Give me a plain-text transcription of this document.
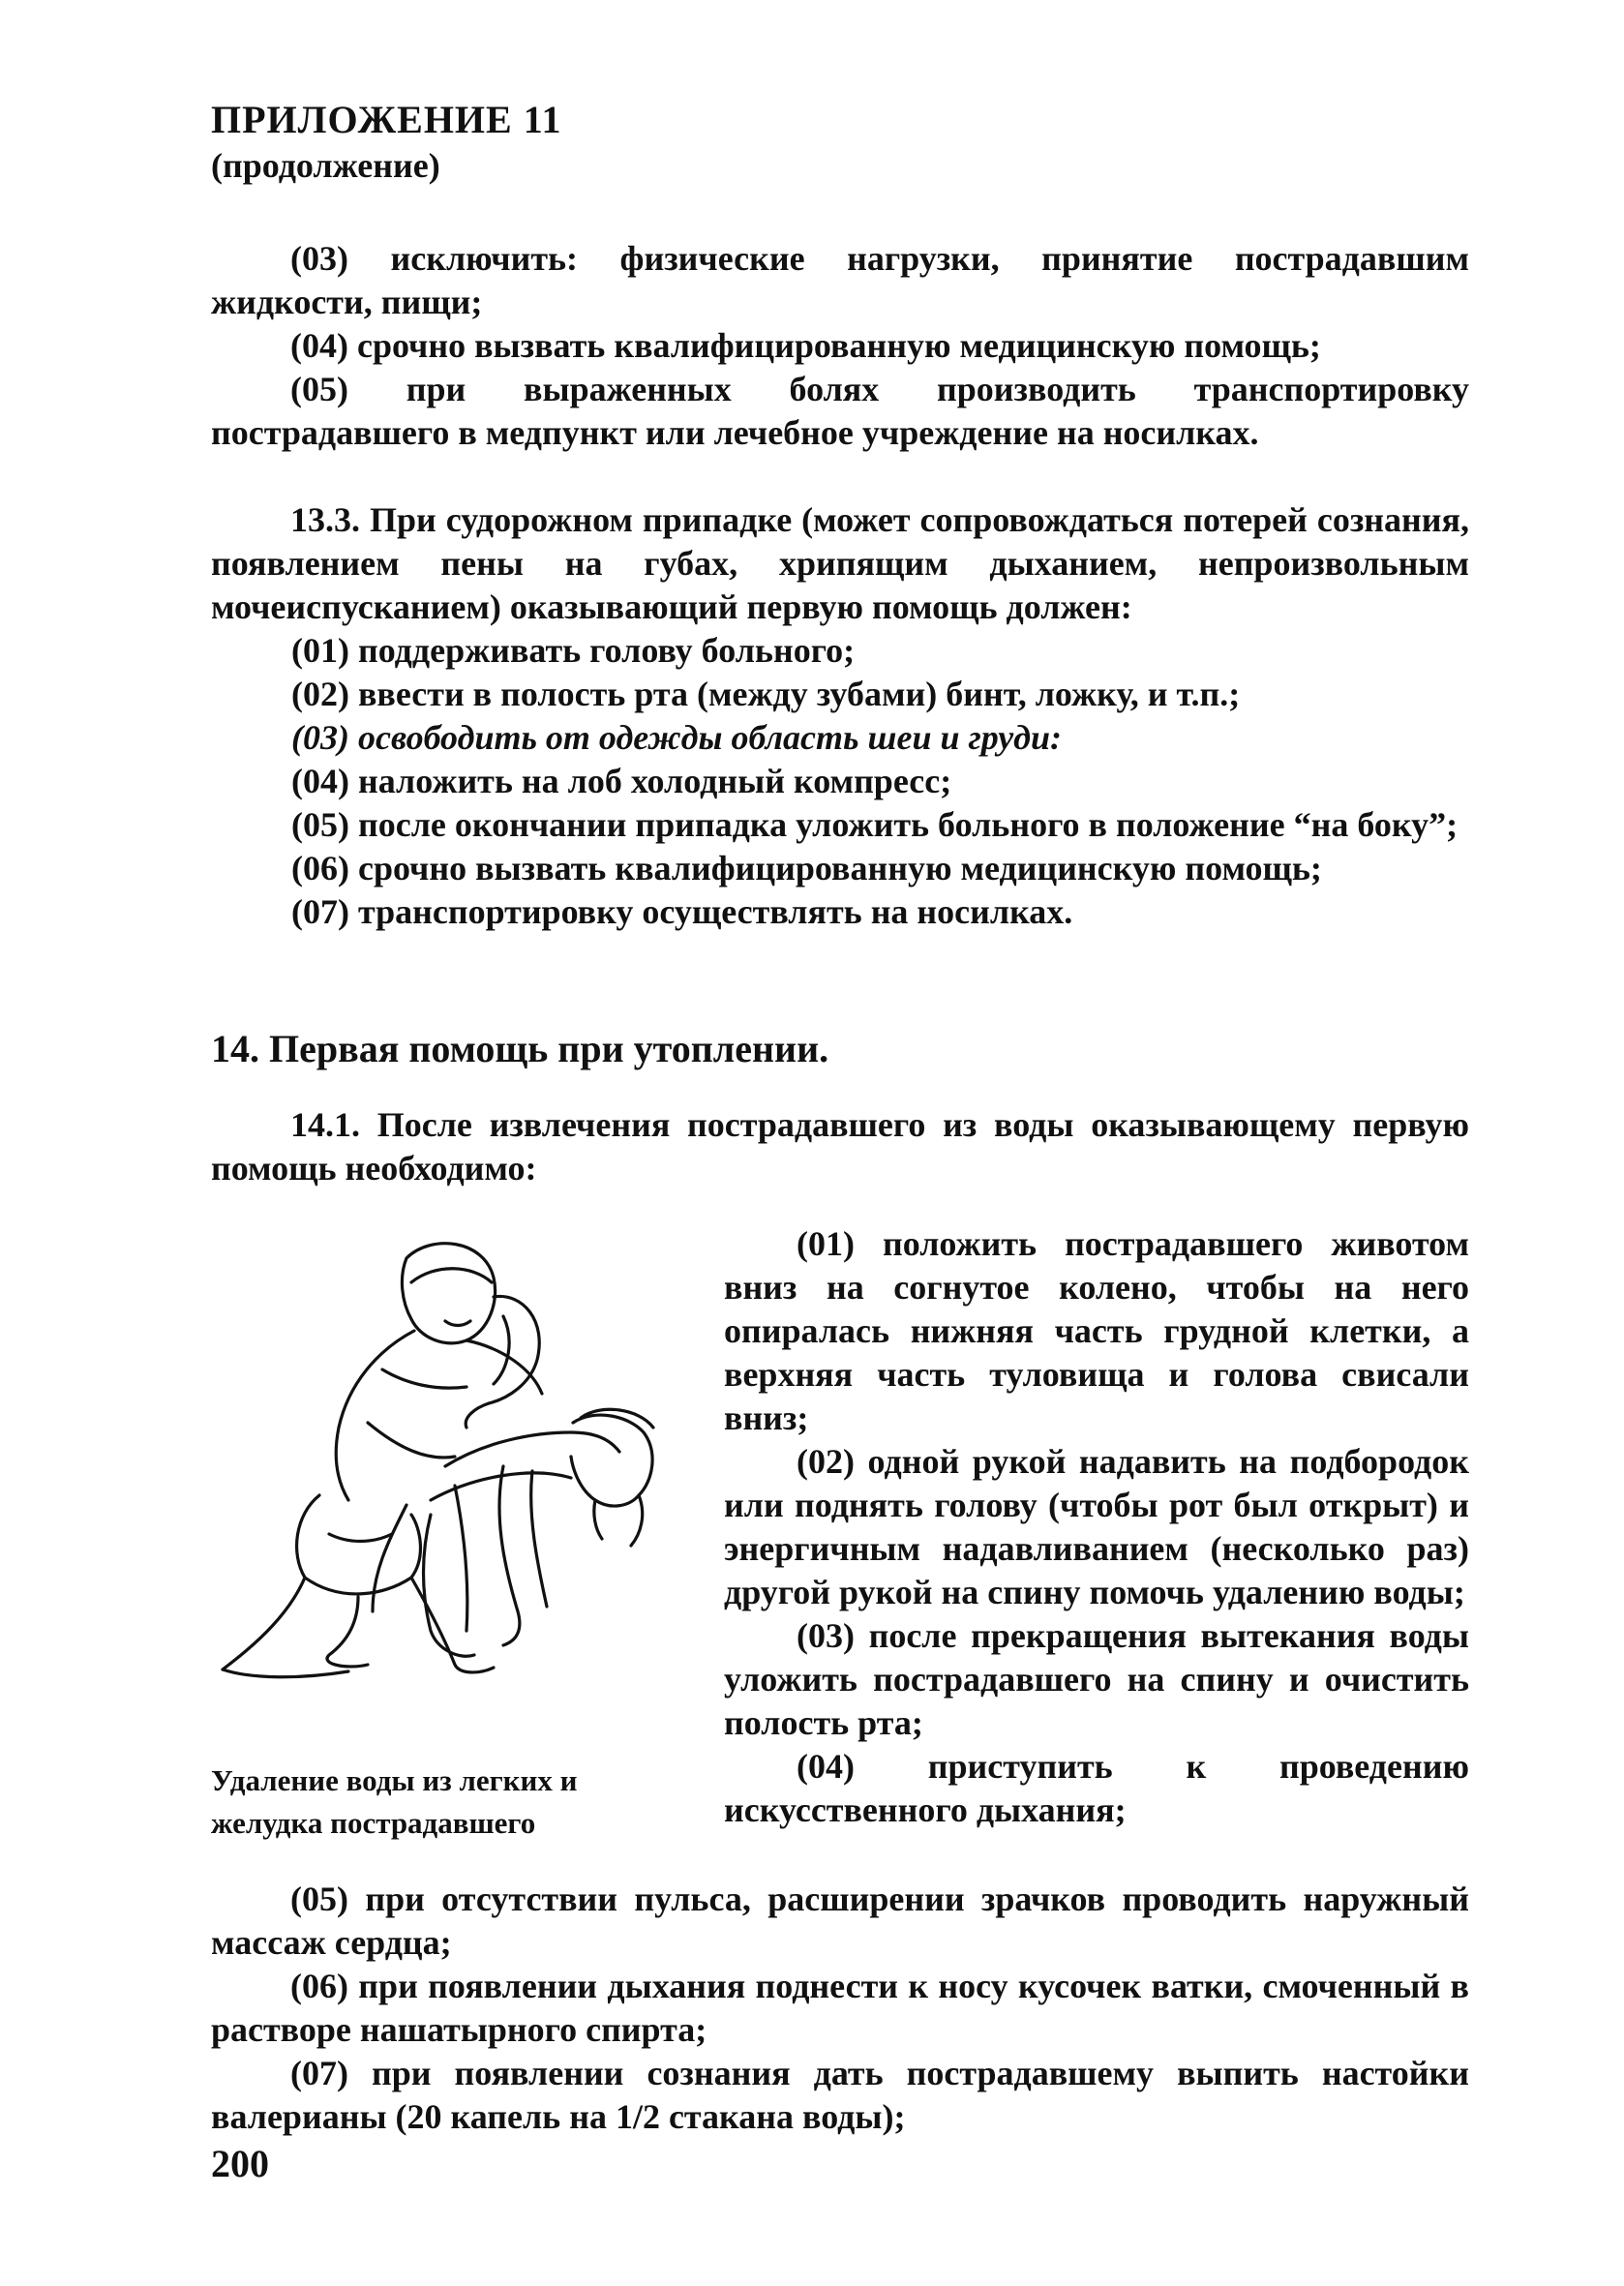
ПРИЛОЖЕНИЕ 11
(продолжение)

(03) исключить: физические нагрузки, принятие пострадавшим жидкости, пищи;

(04) срочно вызвать квалифицированную медицинскую помощь;

(05) при выраженных болях производить транспортировку пострадавшего в медпункт или лечебное учреждение на носилках.

13.3. При судорожном припадке (может сопровождаться потерей сознания, появлением пены на губах, хрипящим дыханием, непроизвольным мочеиспусканием) оказывающий первую помощь должен:

(01) поддерживать голову больного;
(02) ввести в полость рта (между зубами) бинт, ложку, и т.п.;
(03) освободить от одежды область шеи и груди:
(04) наложить на лоб холодный компресс;
(05) после окончании припадка уложить больного в положение “на боку”;
(06) срочно вызвать квалифицированную медицинскую помощь;
(07) транспортировку осуществлять на носилках.
14. Первая помощь при утоплении.

14.1. После извлечения пострадавшего из воды оказывающему первую помощь необходимо:

Удаление воды из легких и желудка пострадавшего

(01) положить пострадавшего животом вниз на согнутое колено, чтобы на него опиралась нижняя часть грудной клетки, а верхняя часть туловища и голова свисали вниз;

(02) одной рукой надавить на подбородок или поднять голову (чтобы рот был открыт) и энергичным надавливанием (несколько раз) другой рукой на спину помочь удалению воды;

(03) после прекращения вытекания воды уложить пострадавшего на спину и очистить полость рта;

(04) приступить к проведению искусственного дыхания;

(05) при отсутствии пульса, расширении зрачков проводить наружный массаж сердца;

(06) при появлении дыхания поднести к носу кусочек ватки, смоченный в растворе нашатырного спирта;

(07) при появлении сознания дать пострадавшему выпить настойки валерианы (20 капель на 1/2 стакана воды);

200
